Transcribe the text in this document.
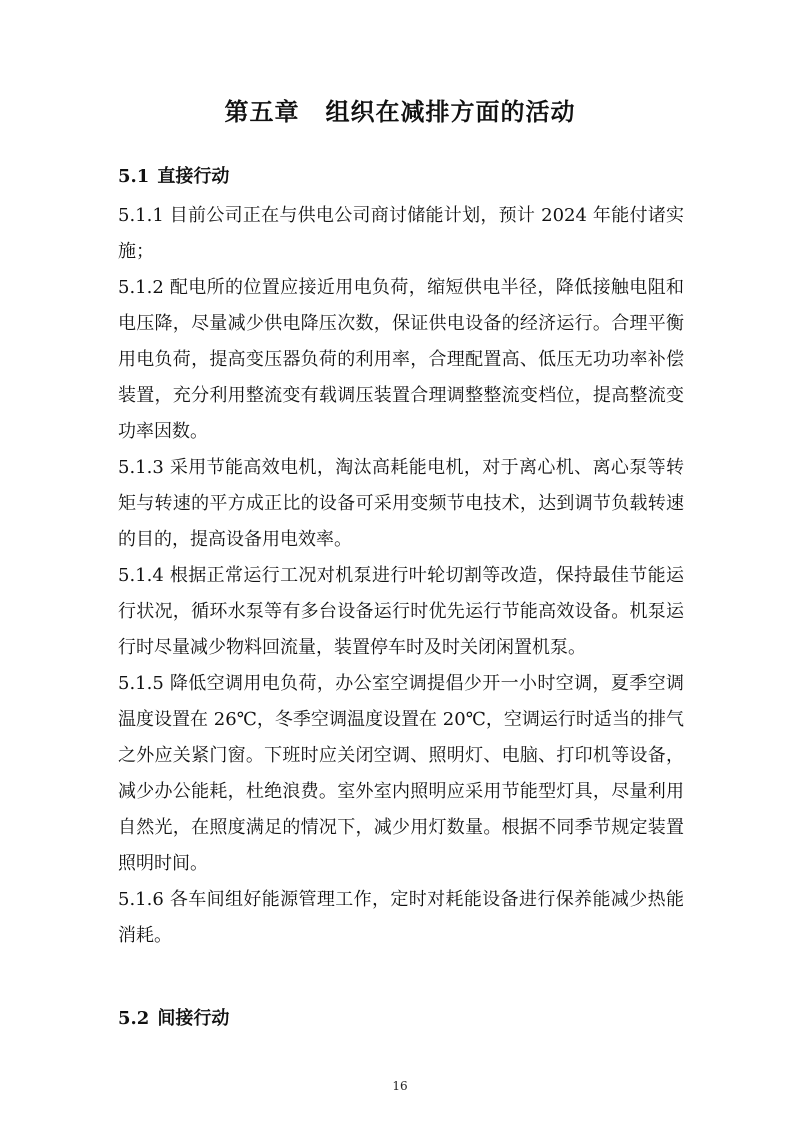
第五章 组织在减排方面的活动
5.1 直接行动

5.1.1 目前公司正在与供电公司商讨储能计划，预计 2024 年能付诸实施；

5.1.2 配电所的位置应接近用电负荷，缩短供电半径，降低接触电阻和电压降，尽量减少供电降压次数，保证供电设备的经济运行。合理平衡用电负荷，提高变压器负荷的利用率，合理配置高、低压无功功率补偿装置，充分利用整流变有载调压装置合理调整整流变档位，提高整流变功率因数。

5.1.3 采用节能高效电机，淘汰高耗能电机，对于离心机、离心泵等转矩与转速的平方成正比的设备可采用变频节电技术，达到调节负载转速的目的，提高设备用电效率。

5.1.4 根据正常运行工况对机泵进行叶轮切割等改造，保持最佳节能运行状况，循环水泵等有多台设备运行时优先运行节能高效设备。机泵运行时尽量减少物料回流量，装置停车时及时关闭闲置机泵。

5.1.5 降低空调用电负荷，办公室空调提倡少开一小时空调，夏季空调温度设置在 26℃，冬季空调温度设置在 20℃，空调运行时适当的排气之外应关紧门窗。下班时应关闭空调、照明灯、电脑、打印机等设备，减少办公能耗，杜绝浪费。室外室内照明应采用节能型灯具，尽量利用自然光，在照度满足的情况下，减少用灯数量。根据不同季节规定装置照明时间。

5.1.6 各车间组好能源管理工作，定时对耗能设备进行保养能减少热能消耗。

5.2 间接行动
16
